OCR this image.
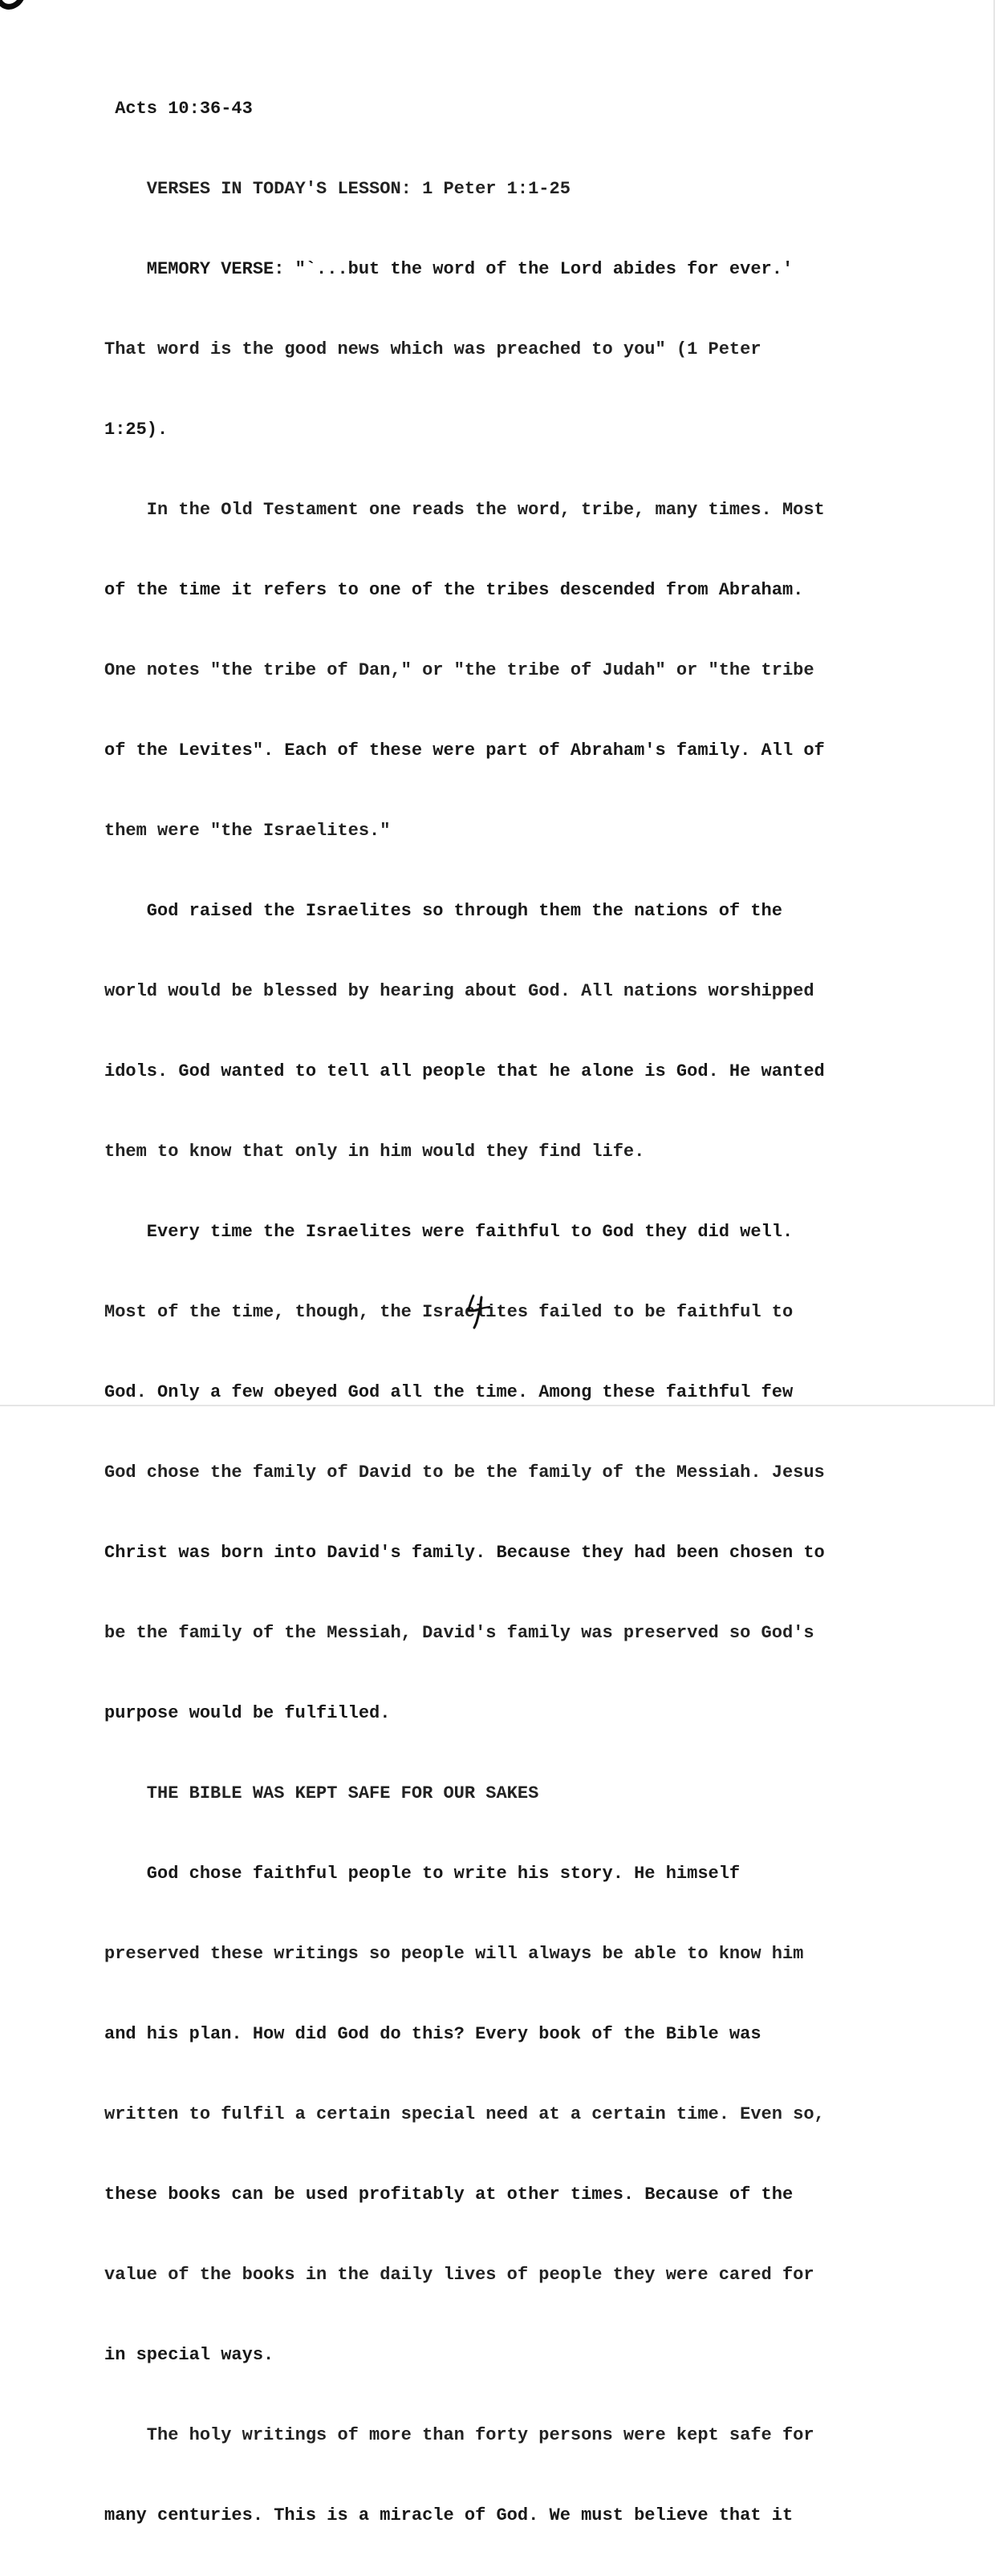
Acts 10:36-43

VERSES IN TODAY'S LESSON: 1 Peter 1:1-25

MEMORY VERSE: "`...but the word of the Lord abides for ever.'

That word is the good news which was preached to you" (1 Peter

1:25).

In the Old Testament one reads the word, tribe, many times. Most

of the time it refers to one of the tribes descended from Abraham.

One notes "the tribe of Dan," or "the tribe of Judah" or "the tribe

of the Levites". Each of these were part of Abraham's family. All of

them were "the Israelites."

God raised the Israelites so through them the nations of the

world would be blessed by hearing about God. All nations worshipped

idols. God wanted to tell all people that he alone is God. He wanted

them to know that only in him would they find life.

Every time the Israelites were faithful to God they did well.

Most of the time, though, the Israelites failed to be faithful to

God. Only a few obeyed God all the time. Among these faithful few

God chose the family of David to be the family of the Messiah. Jesus

Christ was born into David's family. Because they had been chosen to

be the family of the Messiah, David's family was preserved so God's

purpose would be fulfilled.

THE BIBLE WAS KEPT SAFE FOR OUR SAKES

God chose faithful people to write his story. He himself

preserved these writings so people will always be able to know him

and his plan. How did God do this? Every book of the Bible was

written to fulfil a certain special need at a certain time. Even so,

these books can be used profitably at other times. Because of the

value of the books in the daily lives of people they were cared for

in special ways.

The holy writings of more than forty persons were kept safe for

many centuries. This is a miracle of God. We must believe that it
